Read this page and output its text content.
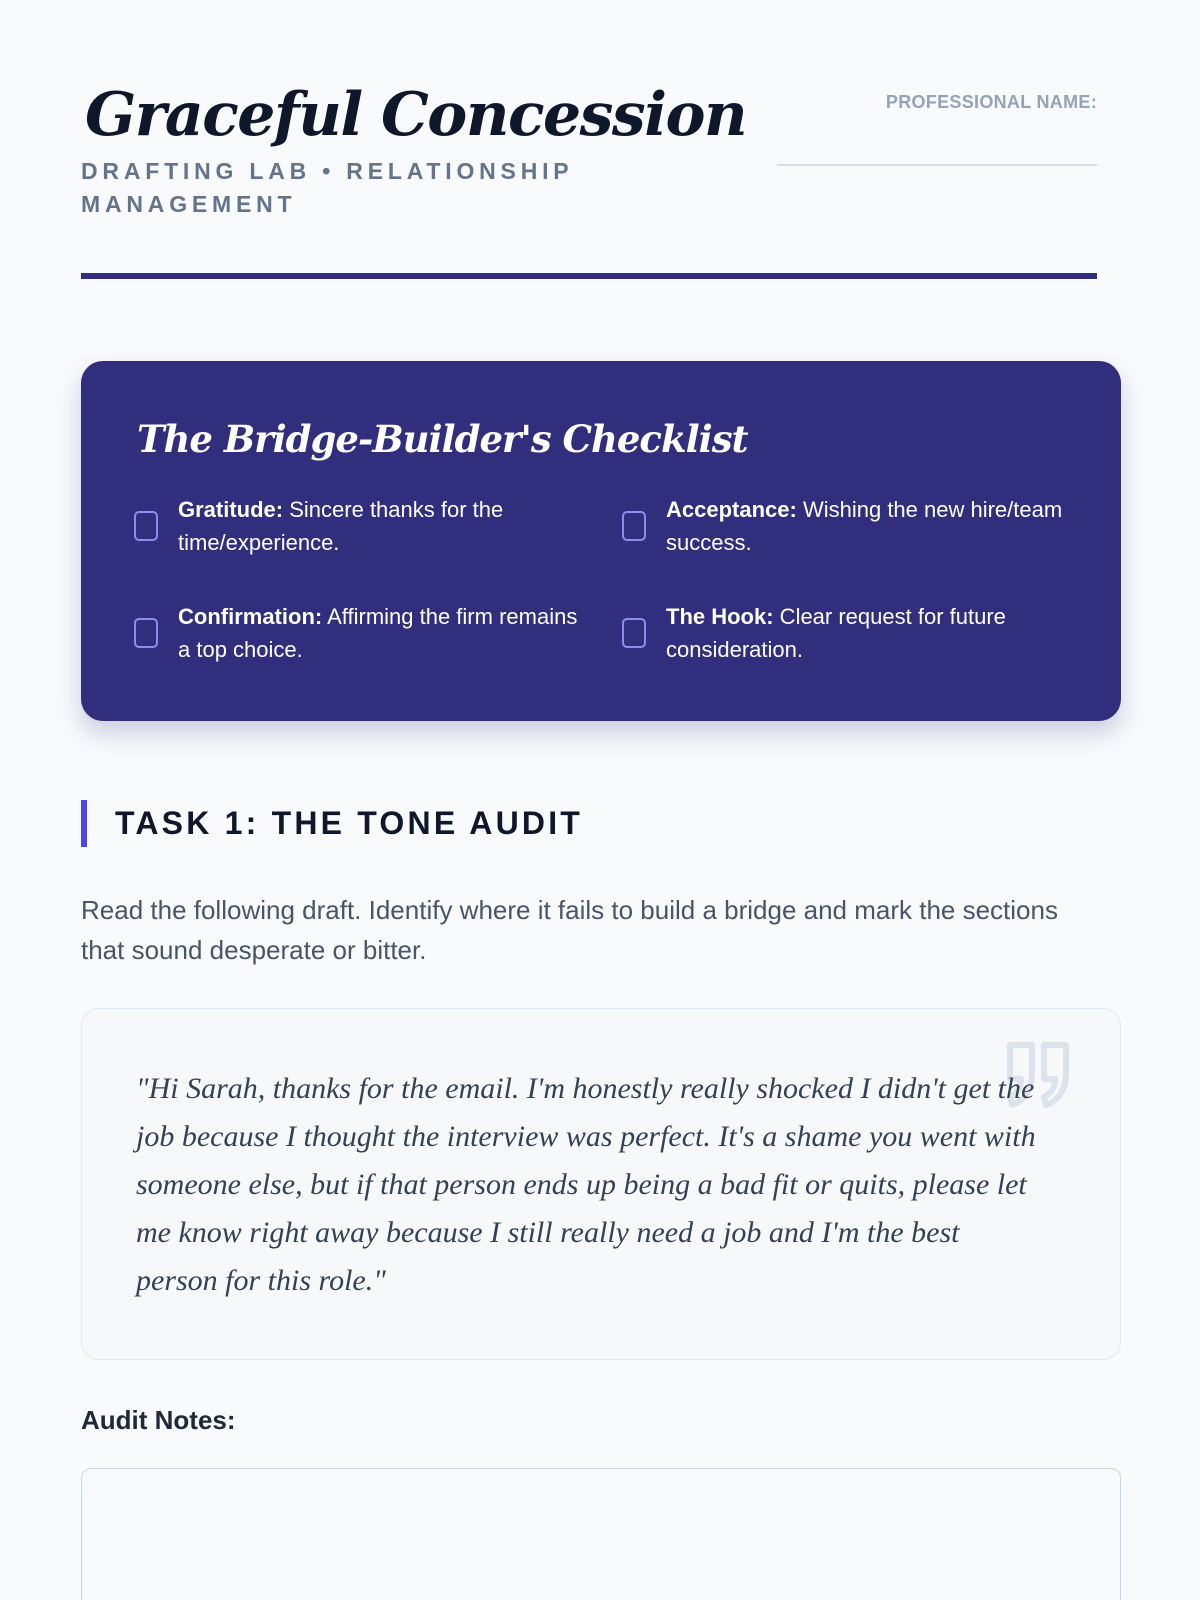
Graceful Concession
DRAFTING LAB • RELATIONSHIP MANAGEMENT
PROFESSIONAL NAME:
The Bridge-Builder's Checklist
Gratitude: Sincere thanks for the time/experience.
Acceptance: Wishing the new hire/team success.
Confirmation: Affirming the firm remains a top choice.
The Hook: Clear request for future consideration.
TASK 1: THE TONE AUDIT
Read the following draft. Identify where it fails to build a bridge and mark the sections that sound desperate or bitter.
"Hi Sarah, thanks for the email. I'm honestly really shocked I didn't get the job because I thought the interview was perfect. It's a shame you went with someone else, but if that person ends up being a bad fit or quits, please let me know right away because I still really need a job and I'm the best person for this role."
Audit Notes:
